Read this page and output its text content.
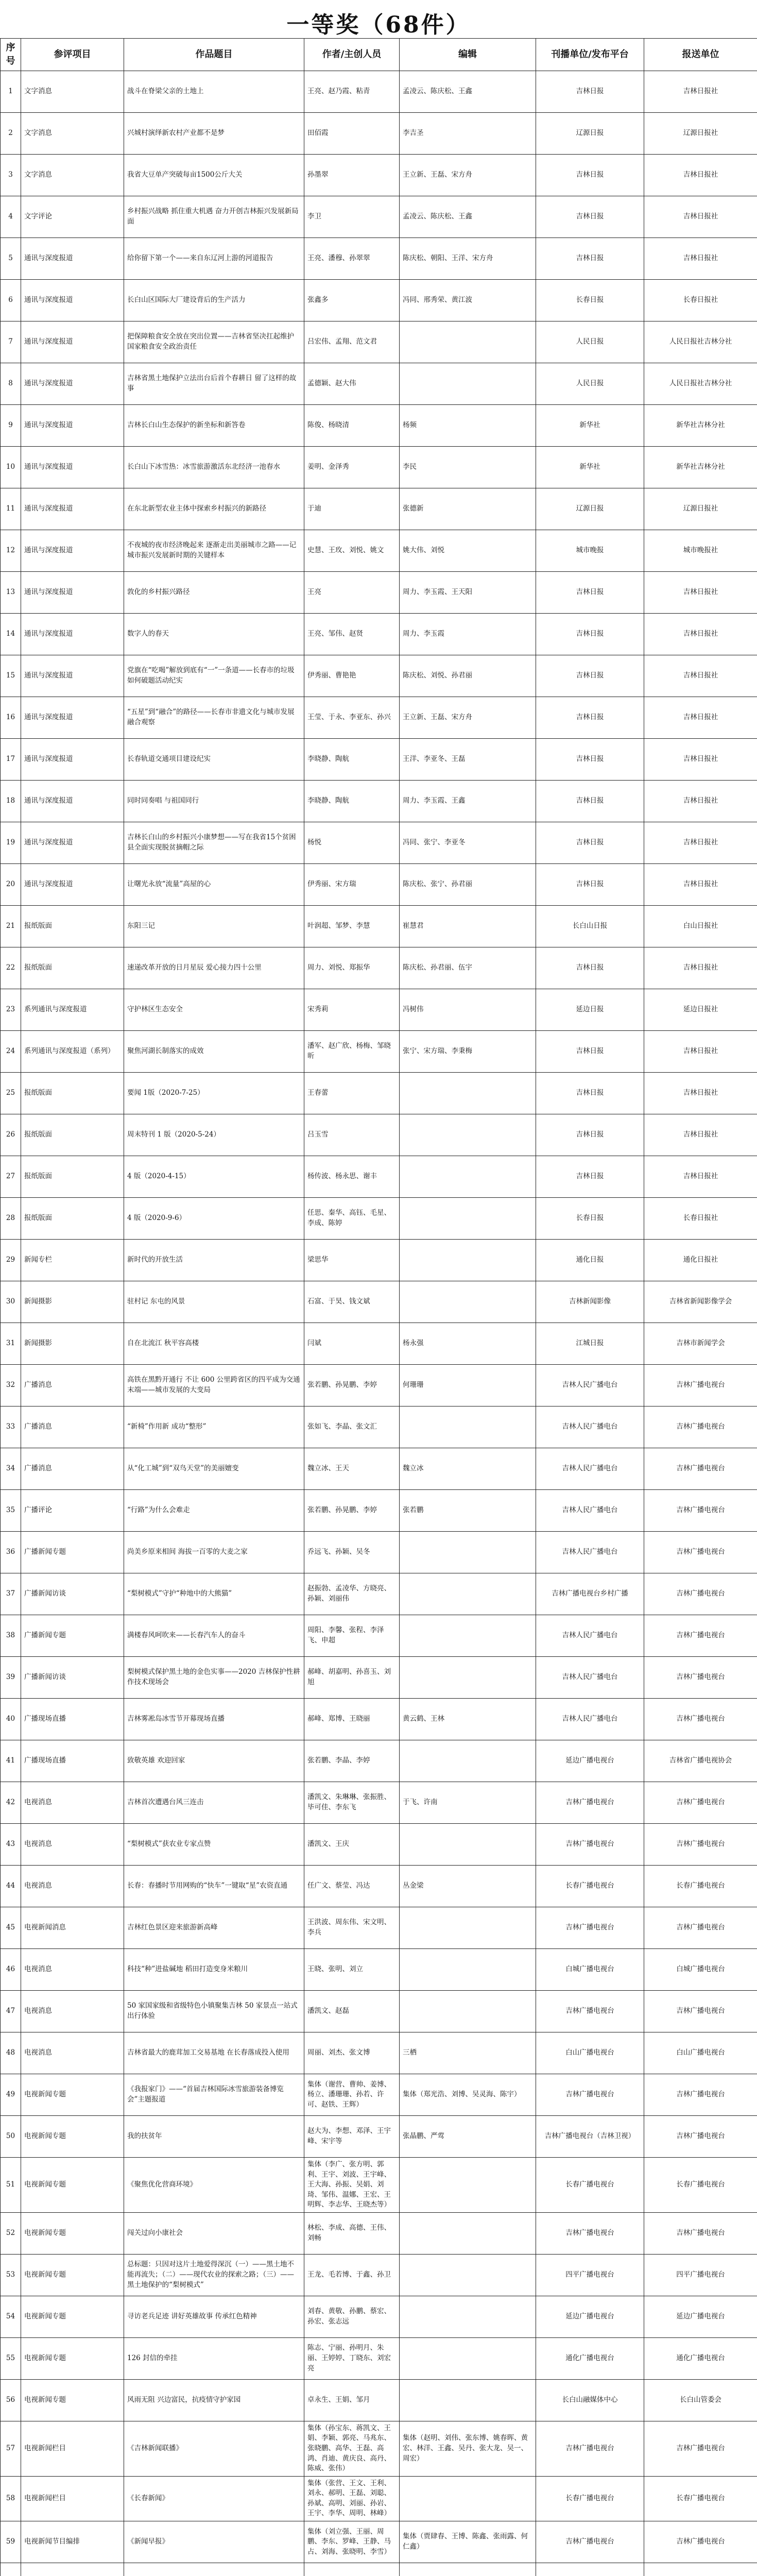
一等奖（68件）
序号	参评项目	作品题目	作者/主创人员	编辑	刊播单位/发布平台	报送单位
1	文字消息	战斗在脊梁父亲的土地上	王亮、赵乃霞、粘青	孟凌云、陈庆松、王鑫	吉林日报	吉林日报社
2	文字消息	兴城村演绎新农村产业都不是梦	田佰霞	李吉圣	辽源日报	辽源日报社
3	文字消息	我省大豆单产突破每亩1500公斤大关	孙墨翠	王立新、王磊、宋方舟	吉林日报	吉林日报社
4	文字评论	乡村振兴战略 抓住重大机遇 奋力开创吉林振兴发展新局面	李卫	孟凌云、陈庆松、王鑫	吉林日报	吉林日报社
5	通讯与深度报道	给你留下第一个——来自东辽河上游的河道报告	王亮、潘穆、孙翠翠	陈庆松、朝阳、王洋、宋方舟	吉林日报	吉林日报社
6	通讯与深度报道	长白山区国际大厂建设背后的生产活力	张鑫多	冯同、邢秀荣、黄江波	长春日报	长春日报社
7	通讯与深度报道	把保障粮食安全放在突出位置——吉林省坚决扛起维护国家粮食安全政治责任	吕宏伟、孟翔、范文君		人民日报	人民日报社吉林分社
8	通讯与深度报道	吉林省黑土地保护立法出台后首个春耕日 留了这样的故事	孟德颖、赵大伟		人民日报	人民日报社吉林分社
9	通讯与深度报道	吉林长白山生态保护的新坐标和新答卷	陈俊、杨晓清	杨频	新华社	新华社吉林分社
10	通讯与深度报道	长白山下冰雪热：冰雪旅游激活东北经济一池春水	姜明、金泽秀	李民	新华社	新华社吉林分社
11	通讯与深度报道	在东北新型农业主体中探索乡村振兴的新路径	于迪	张德新	辽源日报	辽源日报社
12	通讯与深度报道	不夜城的夜市经济晚起来 逐渐走出美丽城市之路——记城市振兴发展新时期的关键样本	史慧、王玫、刘悦、姚文	姚大伟、刘悦	城市晚报	城市晚报社
13	通讯与深度报道	敦化的乡村振兴路径	王亮	周力、李玉霞、王天阳	吉林日报	吉林日报社
14	通讯与深度报道	数字人的春天	王亮、邹伟、赵贤	周力、李玉霞	吉林日报	吉林日报社
15	通讯与深度报道	党旗在“吃喝”解放到底有“一”一条道——长春市的垃圾如何破题活动纪实	伊秀丽、曹艳艳	陈庆松、刘悦、孙君丽	吉林日报	吉林日报社
16	通讯与深度报道	“五星”到“融合”的路径——长春市非遗文化与城市发展融合观察	王莹、于永、李亚东、孙兴	王立新、王磊、宋方舟	吉林日报	吉林日报社
17	通讯与深度报道	长春轨道交通项目建设纪实	李晓静、陶航	王洋、李亚冬、王磊	吉林日报	吉林日报社
18	通讯与深度报道	同时同奏唱 与祖国同行	李晓静、陶航	周力、李玉霞、王鑫	吉林日报	吉林日报社
19	通讯与深度报道	吉林长白山的乡村振兴小康梦想——写在我省15个贫困县全面实现脱贫摘帽之际	杨悦	冯同、张宁、李亚冬	吉林日报	吉林日报社
20	通讯与深度报道	让曙光永放“流量”高屋的心	伊秀丽、宋方瑞	陈庆松、张宁、孙君丽	吉林日报	吉林日报社
21	报纸版面	东阳三记	叶润超、邹梦、李慧	崔慧君	长白山日报	白山日报社
22	报纸版面	速递改革开放的日月星辰 爱心接力四十公里	周力、刘悦、郑振华	陈庆松、孙君丽、伍宇	吉林日报	吉林日报社
23	系列通讯与深度报道	守护林区生态安全	宋秀莉	冯树伟	延边日报	延边日报社
24	系列通讯与深度报道（系列）	聚焦河湖长制落实的成效	潘军、赵广欣、杨梅、邹晓昕	张宁、宋方瑞、李秉梅	吉林日报	吉林日报社
25	报纸版面	要闻 1版（2020-7-25）	王春蕾		吉林日报	吉林日报社
26	报纸版面	周末特刊 1 版（2020-5-24）	吕玉雪		吉林日报	吉林日报社
27	报纸版面	4 版（2020-4-15）	杨传波、杨永思、谢丰		吉林日报	吉林日报社
28	报纸版面	4 版（2020-9-6）	任思、秦华、高钰、毛星、李成、陈婷		长春日报	长春日报社
29	新闻专栏	新时代的开放生活	梁思华		通化日报	通化日报社
30	新闻摄影	驻村记 东屯的风景	石富、于昊、钱文斌		吉林新闻影像	吉林省新闻影像学会
31	新闻摄影	自在北流江 秋平容高楼	闫斌	杨永强	江城日报	吉林市新闻学会
32	广播消息	高铁在黑黔开通行 不让 600 公里跨省区的四平成为交通末端——城市发展的大变局	张若鹏、孙晃鹏、李婷	何珊珊	吉林人民广播电台	吉林广播电视台
33	广播消息	“新椅”作用新 成功“整形”	张如飞、李晶、张文汇		吉林人民广播电台	吉林广播电视台
34	广播消息	从“化工城”到“双鸟天堂”的美丽嬗变	魏立冰、王天	魏立冰	吉林人民广播电台	吉林广播电视台
35	广播评论	“行路”为什么会难走	张若鹏、孙晃鹏、李婷	张若鹏	吉林人民广播电台	吉林广播电视台
36	广播新闻专题	尚美乡原来相间 海拔一百零的大麦之家	乔远飞、孙颖、吴冬		吉林人民广播电台	吉林广播电视台
37	广播新闻访谈	“梨树模式”守护“种地中的大熊猫”	赵振勃、孟凌华、方晓亮、孙颖、刘丽伟		吉林广播电视台乡村广播	吉林广播电视台
38	广播新闻专题	满楼春风呵吹来——长春汽车人的奋斗	周阳、李馨、张程、李泽飞、申超		吉林人民广播电台	吉林广播电视台
39	广播新闻访谈	梨树模式保护黑土地的金色实事——2020 吉林保护性耕作技术现场会	郝峰、胡嘉明、孙喜玉、刘旭		吉林人民广播电台	吉林广播电视台
40	广播现场直播	吉林雾凇岛冰雪节开幕现场直播	郝峰、郑博、王晓丽	黄云鹤、王林	吉林人民广播电台	吉林广播电视台
41	广播现场直播	致敬英雄 欢迎回家	张若鹏、李晶、李婷		延边广播电视台	吉林省广播电视协会
42	电视消息	吉林首次遭遇台风三连击	潘凯文、朱琳琳、张振胜、毕可佳、李东飞	于飞、许南	吉林广播电视台	吉林广播电视台
43	电视消息	“梨树模式”获农业专家点赞	潘凯文、王庆		吉林广播电视台	吉林广播电视台
44	电视消息	长春：春播时节用网购的“快车”一键取“星”农资直通	任广文、蔡莹、冯达	丛金梁	长春广播电视台	长春广播电视台
45	电视新闻消息	吉林红色景区迎来旅游新高峰	王洪波、周东伟、宋文明、李兵		吉林广播电视台	吉林广播电视台
46	电视消息	科技“种”进盐碱地 稻田打造变身米粮川	王晓、张明、刘立		白城广播电视台	白城广播电视台
47	电视消息	50 家国家级和省级特色小镇聚集吉林 50 家景点一站式出行体验	潘凯文、赵磊		吉林广播电视台	吉林广播电视台
48	电视消息	吉林省最大的鹿茸加工交易基地 在长春落成投入使用	周丽、刘杰、张文博	三栖	白山广播电视台	白山广播电视台
49	电视新闻专题	《我报家门》——“首届吉林国际冰雪旅游装备博览会”主题报道	集体（谢营、曹帅、姜博、杨立、潘珊珊、孙若、许可、赵铁、王辉）	集体（郑光浩、刘博、吴灵海、陈宇）	吉林广播电视台	吉林广播电视台
50	电视新闻专题	我的扶贫年	赵大为、李想、邓泽、王宇峰、宋宇等	张晶鹏、严莺	吉林广播电视台（吉林卫视）	吉林广播电视台
51	电视新闻专题	《聚焦优化营商环境》	集体（李广、张方明、郭利、王宇、刘波、王宇峰、王大海、孙振、吴娟、刘琦、邹伟、温娜、王宏、王明辉、李志华、王晓杰等）		长春广播电视台	长春广播电视台
52	电视新闻专题	闯关过向小康社会	林松、李成、高德、王伟、刘畅		吉林广播电视台	吉林广播电视台
53	电视新闻专题	总标题：只因对这片土地爱得深沉（一）——黑土地不能再流失；（二）——现代农业的探索之路；（三）——黑土地保护的“梨树模式”	王龙、毛若博、于鑫、孙卫		四平广播电视台	四平广播电视台
54	电视新闻专题	寻访老兵足迹 讲好英雄故事 传承红色精神	刘春、黄敬、孙鹏、蔡宏、孙宏、张志远		延边广播电视台	延边广播电视台
55	电视新闻专题	126 封信的牵挂	陈志、宁丽、孙明月、朱丽、王婷婷、丁晓东、刘宏亮		通化广播电视台	通化广播电视台
56	电视新闻专题	风雨无阻 兴边富民，抗疫情守护家园	卓永生、王娟、邹月		长白山融媒体中心	长白山管委会
57	电视新闻栏目	《吉林新闻联播》	集体（孙宝东、蒋凯文、王娟、李颖、郭亮、马兆东、张晓鹏、高华、王磊、高鸿、肖迪、黄庆良、高丹、陈威、张伟）	集体（赵明、刘伟、张东博、姚春晖、黄宏、林洋、王鑫、吴丹、张大龙、吴一、周宏）	吉林广播电视台	吉林广播电视台
58	电视新闻栏目	《长春新闻》	集体（张营、王文、王利、刘永、郝明、王磊、刘聪、孙斌、高明、刘丽、孙岩、王宇、李华、周明、林峰）		长春广播电视台	长春广播电视台
59	电视新闻节目编排	《新闻早报》	集体（刘立强、王丽、周鹏、李东、罗峰、王静、马占、刘海、张晓明、李雪）	集体（贾肆春、王博、陈鑫、张雨露、何仁鑫）	吉林广播电视台	吉林广播电视台
